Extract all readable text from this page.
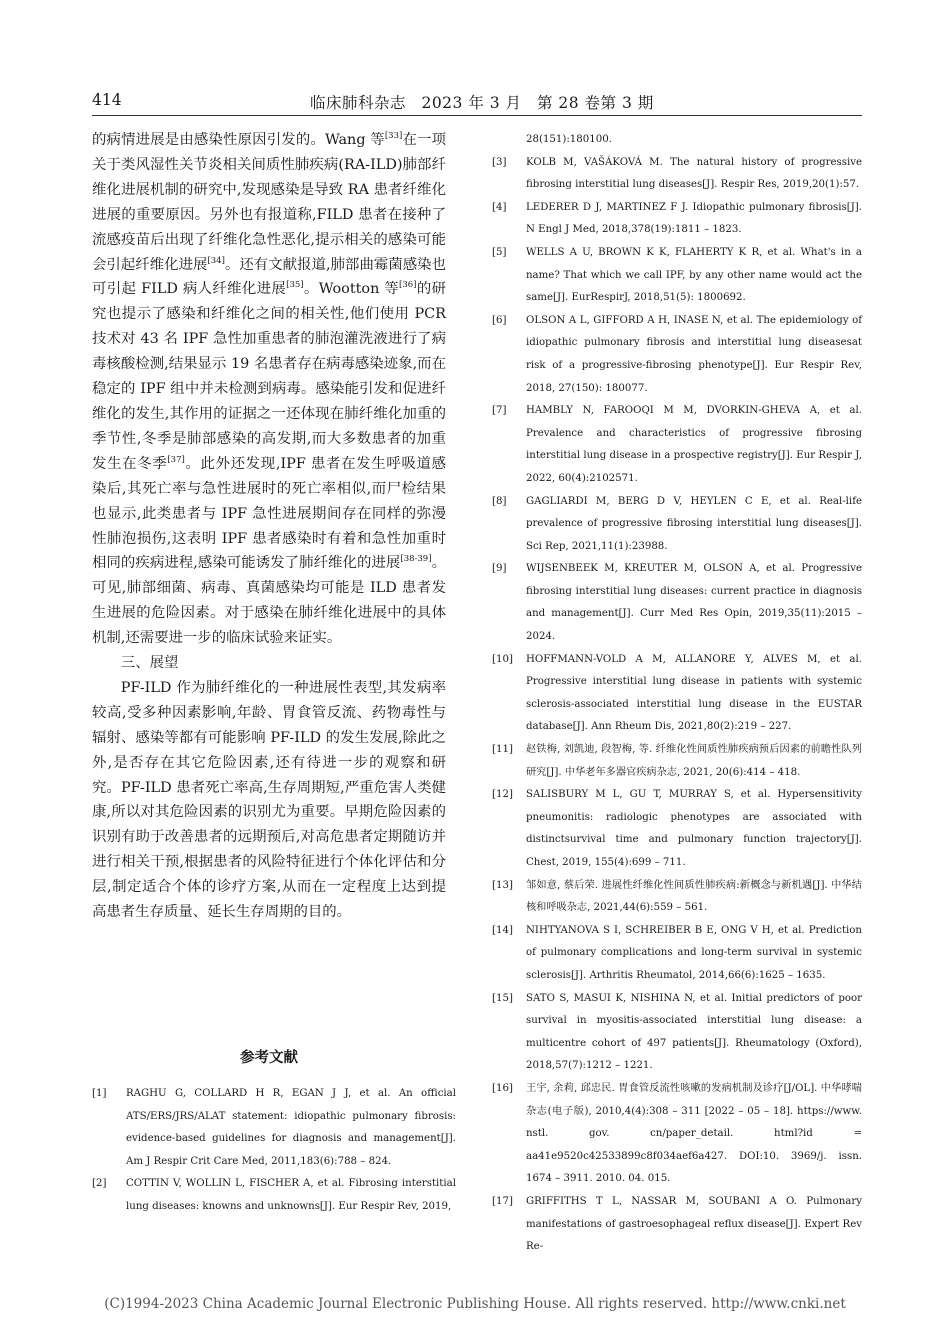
414	临床肺科杂志 2023 年 3 月 第 28 卷第 3 期

的病情进展是由感染性原因引发的。Wang 等[33]在一项关于类风湿性关节炎相关间质性肺疾病(RA-ILD)肺部纤维化进展机制的研究中,发现感染是导致 RA 患者纤维化进展的重要原因。另外也有报道称,FILD 患者在接种了流感疫苗后出现了纤维化急性恶化,提示相关的感染可能会引起纤维化进展[34]。还有文献报道,肺部曲霉菌感染也可引起 FILD 病人纤维化进展[35]。Wootton 等[36]的研究也提示了感染和纤维化之间的相关性,他们使用 PCR 技术对 43 名 IPF 急性加重患者的肺泡灌洗液进行了病毒核酸检测,结果显示 19 名患者存在病毒感染迹象,而在稳定的 IPF 组中并未检测到病毒。感染能引发和促进纤维化的发生,其作用的证据之一还体现在肺纤维化加重的季节性,冬季是肺部感染的高发期,而大多数患者的加重发生在冬季[37]。此外还发现,IPF 患者在发生呼吸道感染后,其死亡率与急性进展时的死亡率相似,而尸检结果也显示,此类患者与 IPF 急性进展期间存在同样的弥漫性肺泡损伤,这表明 IPF 患者感染时有着和急性加重时相同的疾病进程,感染可能诱发了肺纤维化的进展[38-39]。可见,肺部细菌、病毒、真菌感染均可能是 ILD 患者发生进展的危险因素。对于感染在肺纤维化进展中的具体机制,还需要进一步的临床试验来证实。

三、展望

PF-ILD 作为肺纤维化的一种进展性表型,其发病率较高,受多种因素影响,年龄、胃食管反流、药物毒性与辐射、感染等都有可能影响 PF-ILD 的发生发展,除此之外,是否存在其它危险因素,还有待进一步的观察和研究。PF-ILD 患者死亡率高,生存周期短,严重危害人类健康,所以对其危险因素的识别尤为重要。早期危险因素的识别有助于改善患者的远期预后,对高危患者定期随访并进行相关干预,根据患者的风险特征进行个体化评估和分层,制定适合个体的诊疗方案,从而在一定程度上达到提高患者生存质量、延长生存周期的目的。

参考文献
[1] RAGHU G, COLLARD H R, EGAN J J, et al. An official ATS/ERS/JRS/ALAT statement: idiopathic pulmonary fibrosis: evidence-based guidelines for diagnosis and management[J]. Am J Respir Crit Care Med, 2011,183(6):788 – 824.
[2] COTTIN V, WOLLIN L, FISCHER A, et al. Fibrosing interstitial lung diseases: knowns and unknowns[J]. Eur Respir Rev, 2019,
28(151):180100.
[3] KOLB M, VAŠÁKOVÁ M. The natural history of progressive fibrosing interstitial lung diseases[J]. Respir Res, 2019,20(1):57.
[4] LEDERER D J, MARTINEZ F J. Idiopathic pulmonary fibrosis[J]. N Engl J Med, 2018,378(19):1811 – 1823.
[5] WELLS A U, BROWN K K, FLAHERTY K R, et al. What's in a name? That which we call IPF, by any other name would act the same[J]. EurRespirJ, 2018,51(5): 1800692.
[6] OLSON A L, GIFFORD A H, INASE N, et al. The epidemiology of idiopathic pulmonary fibrosis and interstitial lung diseasesat risk of a progressive-fibrosing phenotype[J]. Eur Respir Rev, 2018, 27(150): 180077.
[7] HAMBLY N, FAROOQI M M, DVORKIN-GHEVA A, et al. Prevalence and characteristics of progressive fibrosing interstitial lung disease in a prospective registry[J]. Eur Respir J, 2022, 60(4):2102571.
[8] GAGLIARDI M, BERG D V, HEYLEN C E, et al. Real-life prevalence of progressive fibrosing interstitial lung diseases[J]. Sci Rep, 2021,11(1):23988.
[9] WIJSENBEEK M, KREUTER M, OLSON A, et al. Progressive fibrosing interstitial lung diseases: current practice in diagnosis and management[J]. Curr Med Res Opin, 2019,35(11):2015 – 2024.
[10] HOFFMANN-VOLD A M, ALLANORE Y, ALVES M, et al. Progressive interstitial lung disease in patients with systemic sclerosis-associated interstitial lung disease in the EUSTAR database[J]. Ann Rheum Dis, 2021,80(2):219 – 227.
[11] 赵铁梅, 刘凯迪, 段智梅, 等. 纤维化性间质性肺疾病预后因素的前瞻性队列研究[J]. 中华老年多器官疾病杂志, 2021, 20(6):414 – 418.
[12] SALISBURY M L, GU T, MURRAY S, et al. Hypersensitivity pneumonitis: radiologic phenotypes are associated with distinctsurvival time and pulmonary function trajectory[J]. Chest, 2019, 155(4):699 – 711.
[13] 邹如意, 蔡后荣. 进展性纤维化性间质性肺疾病:新概念与新机遇[J]. 中华结核和呼吸杂志, 2021,44(6):559 – 561.
[14] NIHTYANOVA S I, SCHREIBER B E, ONG V H, et al. Prediction of pulmonary complications and long-term survival in systemic sclerosis[J]. Arthritis Rheumatol, 2014,66(6):1625 – 1635.
[15] SATO S, MASUI K, NISHINA N, et al. Initial predictors of poor survival in myositis-associated interstitial lung disease: a multicentre cohort of 497 patients[J]. Rheumatology (Oxford), 2018,57(7):1212 – 1221.
[16] 王宇, 余莉, 邱忠民. 胃食管反流性咳嗽的发病机制及诊疗[J/OL]. 中华哮喘杂志(电子版), 2010,4(4):308 – 311 [2022 – 05 – 18]. https://www. nstl. gov. cn/paper_detail. html?id = aa41e9520c42533899c8f034aef6a427. DOI:10. 3969/j. issn. 1674 – 3911. 2010. 04. 015.
[17] GRIFFITHS T L, NASSAR M, SOUBANI A O. Pulmonary manifestations of gastroesophageal reflux disease[J]. Expert Rev Re-
(C)1994-2023 China Academic Journal Electronic Publishing House. All rights reserved. http://www.cnki.net
